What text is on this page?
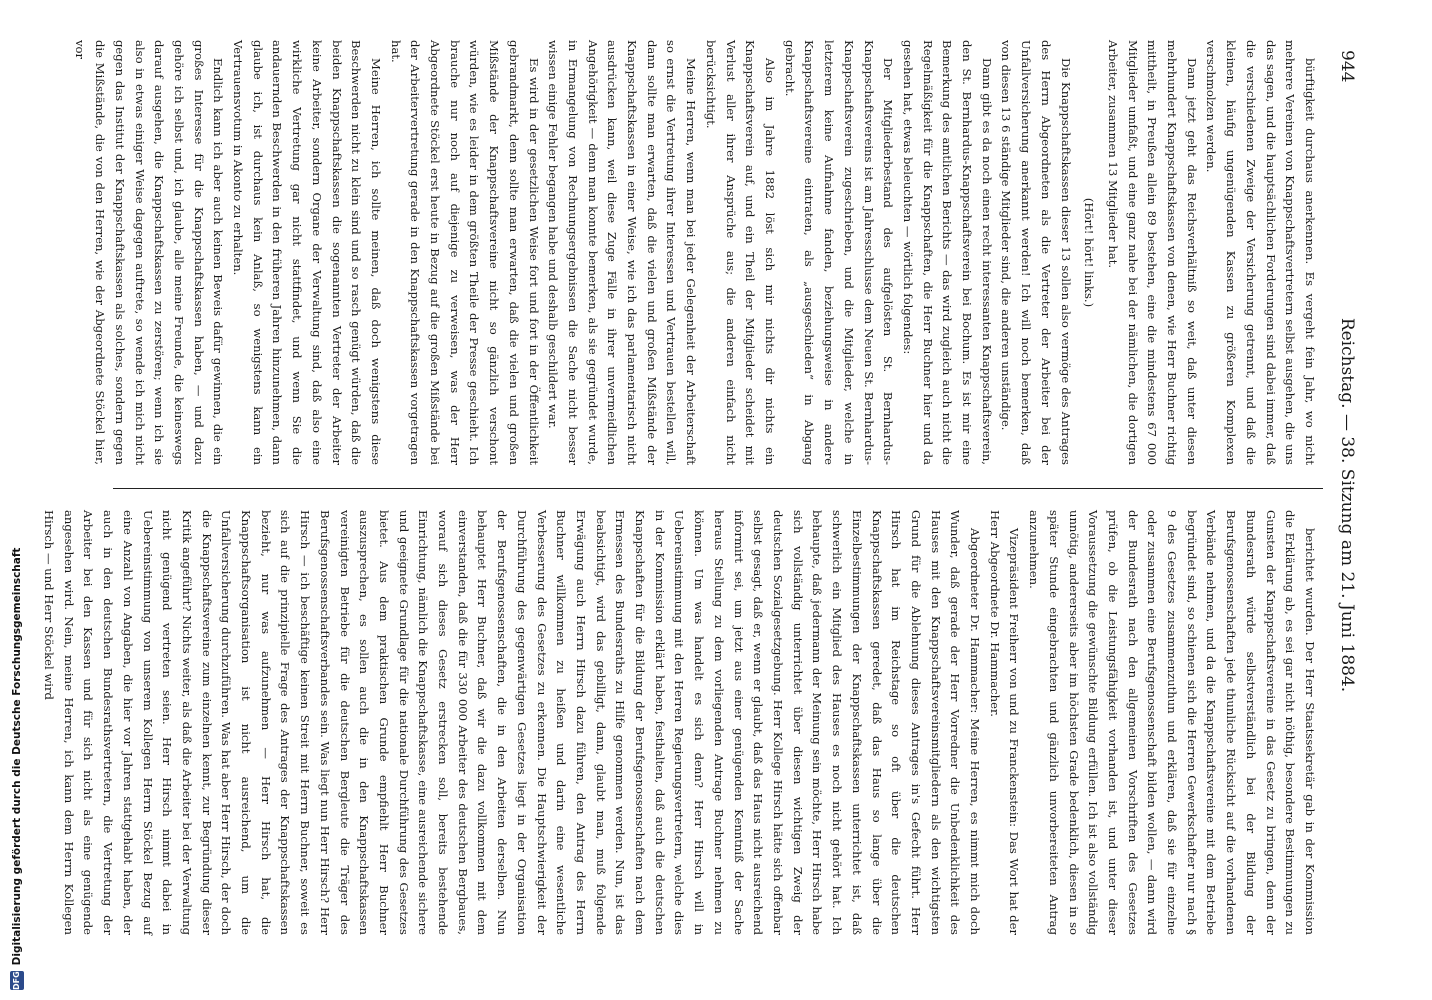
944
Reichstag. — 38. Sitzung am 21. Juni 1884.

bürftigkeit durchaus anerkennen. Es vergeht fein Jahr, wo nicht mehrere Vereinen von Knappschaftsvertretern selbst ausgehen, die uns das sagen, und die hauptsächlichen Forderungen sind dabei immer, daß die verschiedenen Zweige der Versicherung getrennt, und daß die kleinen, häufig ungenügenden Kassen zu größeren Komplexen verschmolzen werden.

Dann jetzt geht das Reichsverhältniß so weit, daß unter diesen mehrhundert Knappschaftskassen von denen, wie Herr Buchner richtig mittheilt, in Preußen allein 89 bestehen, eine die mindestens 67 000 Mitglieder umfaßt, und eine ganz nahe bei der nämlichen, die dortigen Arbeiter, zusammen 13 Mitglieder hat.

(Hört! hört! links.)

Die Knappschaftskassen dieser 13 sollen also vermöge des Antrages des Herrn Abgeordneten als die Vertreter der Arbeiter bei der Unfallversicherung anerkannt werden! Ich will noch bemerken, daß von diesen 13 6 ständige Mitglieder sind, die anderen unständige.

Dann gibt es da noch einen recht interessanten Knappschaftsverein, den St. Bernhardus-Knappschaftsverein bei Bochum. Es ist mir eine Bemerkung des amtlichen Berichts — das wird zugleich auch nicht die Regelmäßigkeit für die Knappschaften, die Herr Buchner hier und da gesehen hat, etwas beleuchten — wörtlich folgendes:

Der Mitgliederbestand des aufgelösten St. Bernhardus-Knappschaftsvereins ist am Jahresschlusse dem Neuen St. Bernhardus-Knappschaftsverein zugeschrieben, und die Mitglieder, welche in letzterem keine Aufnahme fanden, beziehungsweise in andere Knappschaftsvereine eintraten, als „ausgeschieden“ in Abgang gebracht.

Also im Jahre 1882 löst sich mir nichts dir nichts ein Knappschaftsverein auf, und ein Theil der Mitglieder scheidet mit Verlust aller ihrer Ansprüche aus; die anderen einfach nicht berücksichtigt.

Meine Herren, wenn man bei jeder Gelegenheit der Arbeiterschaft so ernst die Vertretung ihrer Interessen und Vertrauen bestellen will, dann sollte man erwarten, daß die vielen und großen Mißstände der Knappschaftskassen in einer Weise, wie ich das parlamentarisch nicht ausdrücken kann, weil diese Zuge Fälle in ihrer unvermeidlichen Angehörigkeit — denn man konnte bemerken, als sie gegründet wurde, in Ermangelung von Rechnungsergebnissen die Sache nicht besser wissen einige Fehler begangen habe und deshalb geschildert war.

Es wird in der gesetzlichen Weise fort und fort in der Öffentlichkeit gebrandmarkt, denn sollte man erwarten, daß die vielen und großen Mißstände der Knappschaftsvereine nicht so gänzlich verschont würden, wie es leider in dem größten Theile der Presse geschieht. Ich brauche nur noch auf diejenige zu verweisen, was der Herr Abgeordnete Stöckel erst heute in Bezug auf die großen Mißstände bei der Arbeitervertretung gerade in den Knappschaftskassen vorgetragen hat.

Meine Herren, ich sollte meinen, daß doch wenigstens diese Beschwerden nicht zu klein sind und so rasch genügt würden, daß die beiden Knappschaftskassen die sogenannten Vertreter der Arbeiter keine Arbeiter, sondern Organe der Verwaltung sind, daß also eine wirkliche Vertretung gar nicht stattfindet, und wenn Sie die andauernden Beschwerden in den früheren Jahren hinzunehmen, dann glaube ich, ist durchaus kein Anlaß, so wenigstens kann ein Vertrauensvotum in Akonto zu erhalten.

Endlich kann ich aber auch keinen Beweis dafür gewinnen, die ein großes Interesse für die Knappschaftskassen haben, — und dazu gehöre ich selbst und, ich glaube, alle meine Freunde, die keineswegs darauf ausgehen, die Knappschaftskassen zu zerstören; wenn ich sie also in etwas einiger Weise dagegen auftrete, so wende ich mich nicht gegen das Institut der Knappschaftskassen als solches, sondern gegen die Mißstände, die von den Herren, wie der Abgeordnete Stöckel hier, vor

berichtet wurden. Der Herr Staatssekretär gab in der Kommission die Erklärung ab, es sei gar nicht nöthig, besondere Bestimmungen zu Gunsten der Knappschaftsvereine in das Gesetz zu bringen, denn der Bundesrath würde selbstverständlich bei der Bildung der Berufsgenossenschaften jede thunliche Rücksicht auf die vorhandenen Verbände nehmen, und da die Knappschaftsvereine mit dem Betriebe begründet sind, so schienen sich die Herren Gewerkschafter nur nach § 9 des Gesetzes zusammenzuthun und erklären, daß sie für einzelne oder zusammen eine Berufsgenossenschaft bilden wollen, — dann wird der Bundesrath nach den allgemeinen Vorschriften des Gesetzes prüfen, ob die Leistungsfähigkeit vorhanden ist, und unter dieser Voraussetzung die gewünschte Bildung erfüllen. Ich ist also vollständig unnötig, andererseits aber im höchsten Grade bedenklich, diesen in so später Stunde eingebrachten und gänzlich unvorbereiteten Antrag anzunehmen.

Vizepräsident Freiherr von und zu Franckenstein: Das Wort hat der Herr Abgeordnete Dr. Hammacher.

Abgeordneter Dr. Hammacher: Meine Herren, es nimmt mich doch Wunder, daß gerade der Herr Vorredner die Unbedenklichkeit des Hauses mit den Knappschaftsvereinsmitgliedern als den wichtigsten Grund für die Ablehnung dieses Antrages in's Gefecht führt. Herr Hirsch hat im Reichstage so oft über die deutschen Knappschaftskassen geredet, daß das Haus so lange über die Einzelbestimmungen der Knappschaftskassen unterrichtet ist, daß schwerlich ein Mitglied des Hauses es noch nicht gehört hat. Ich behaupte, daß jedermann der Meinung sein möchte, Herr Hirsch habe sich vollständig unterrichtet über diesen wichtigen Zweig der deutschen Sozialgesetzgebung. Herr Kollege Hirsch hätte sich offenbar selbst gesagt, daß er, wenn er glaubt, daß das Haus nicht ausreichend informirt sei, um jetzt aus einer genügenden Kenntniß der Sache heraus Stellung zu dem vorliegenden Antrage Buchner nehmen zu können. Um was handelt es sich denn? Herr Hirsch will in Uebereinstimmung mit den Herren Regierungsvertretern, welche dies in der Kommission erklärt haben, festhalten, daß auch die deutschen Knappschaften für die Bildung der Berufsgenossenschaften nach dem Ermessen des Bundesraths zu Hilfe genommen werden. Nun, ist das beabsichtigt, wird das gebilligt, dann, glaubt man, muß folgende Erwägung auch Herrn Hirsch dazu führen, den Antrag des Herrn Buchner willkommen zu heißen und darin eine wesentliche Verbesserung des Gesetzes zu erkennen. Die Hauptschwierigkeit der Durchführung des gegenwärtigen Gesetzes liegt in der Organisation der Berufsgenossenschaften, die in den Arbeiten derselben. Nun behauptet Herr Buchner, daß wir die dazu vollkommen mit dem einverstanden, daß die für 330 000 Arbeiter des deutschen Bergbaues, worauf sich dieses Gesetz erstrecken soll, bereits bestehende Einrichtung, nämlich die Knappschaftskasse, eine ausreichende sichere und geeignete Grundlage für die nationale Durchführung des Gesetzes bietet. Aus dem praktischen Grunde empfiehlt Herr Buchner auszusprechen, es sollen auch die in den Knappschaftskassen vereinigten Betriebe für die deutschen Bergleute die Träger des Berufsgenossenschaftsverbandes sein. Was liegt nun Herr Hirsch? Herr Hirsch — ich beschäftige keinen Streit mit Herrn Buchner, soweit es sich auf die prinzipielle Frage des Antrages der Knappschaftskassen bezieht, nur was aufzunehmen — Herr Hirsch hat, die Knappschaftsorganisation ist nicht ausreichend, um die Unfallversicherung durchzuführen. Was hat aber Herr Hirsch, der doch die Knappschaftsvereine zum einzelnen kennt, zur Begründung dieser Kritik angeführt? Nichts weiter, als daß die Arbeiter bei der Verwaltung nicht genügend vertreten seien. Herr Hirsch nimmt dabei in Uebereinstimmung von unserem Kollegen Herrn Stöckel Bezug auf eine Anzahl von Angaben, die hier vor Jahren stattgehabt haben, der auch in den deutschen Bundesrathsvertretern, die Vertretung der Arbeiter bei den Kassen und für sich nicht als eine genügende angesehen wird. Nein, meine Herren, ich kann dem Herrn Kollegen Hirsch — und Herr Stöckel wird

DFG
Digitalisierung gefördert durch die Deutsche Forschungsgemeinschaft
